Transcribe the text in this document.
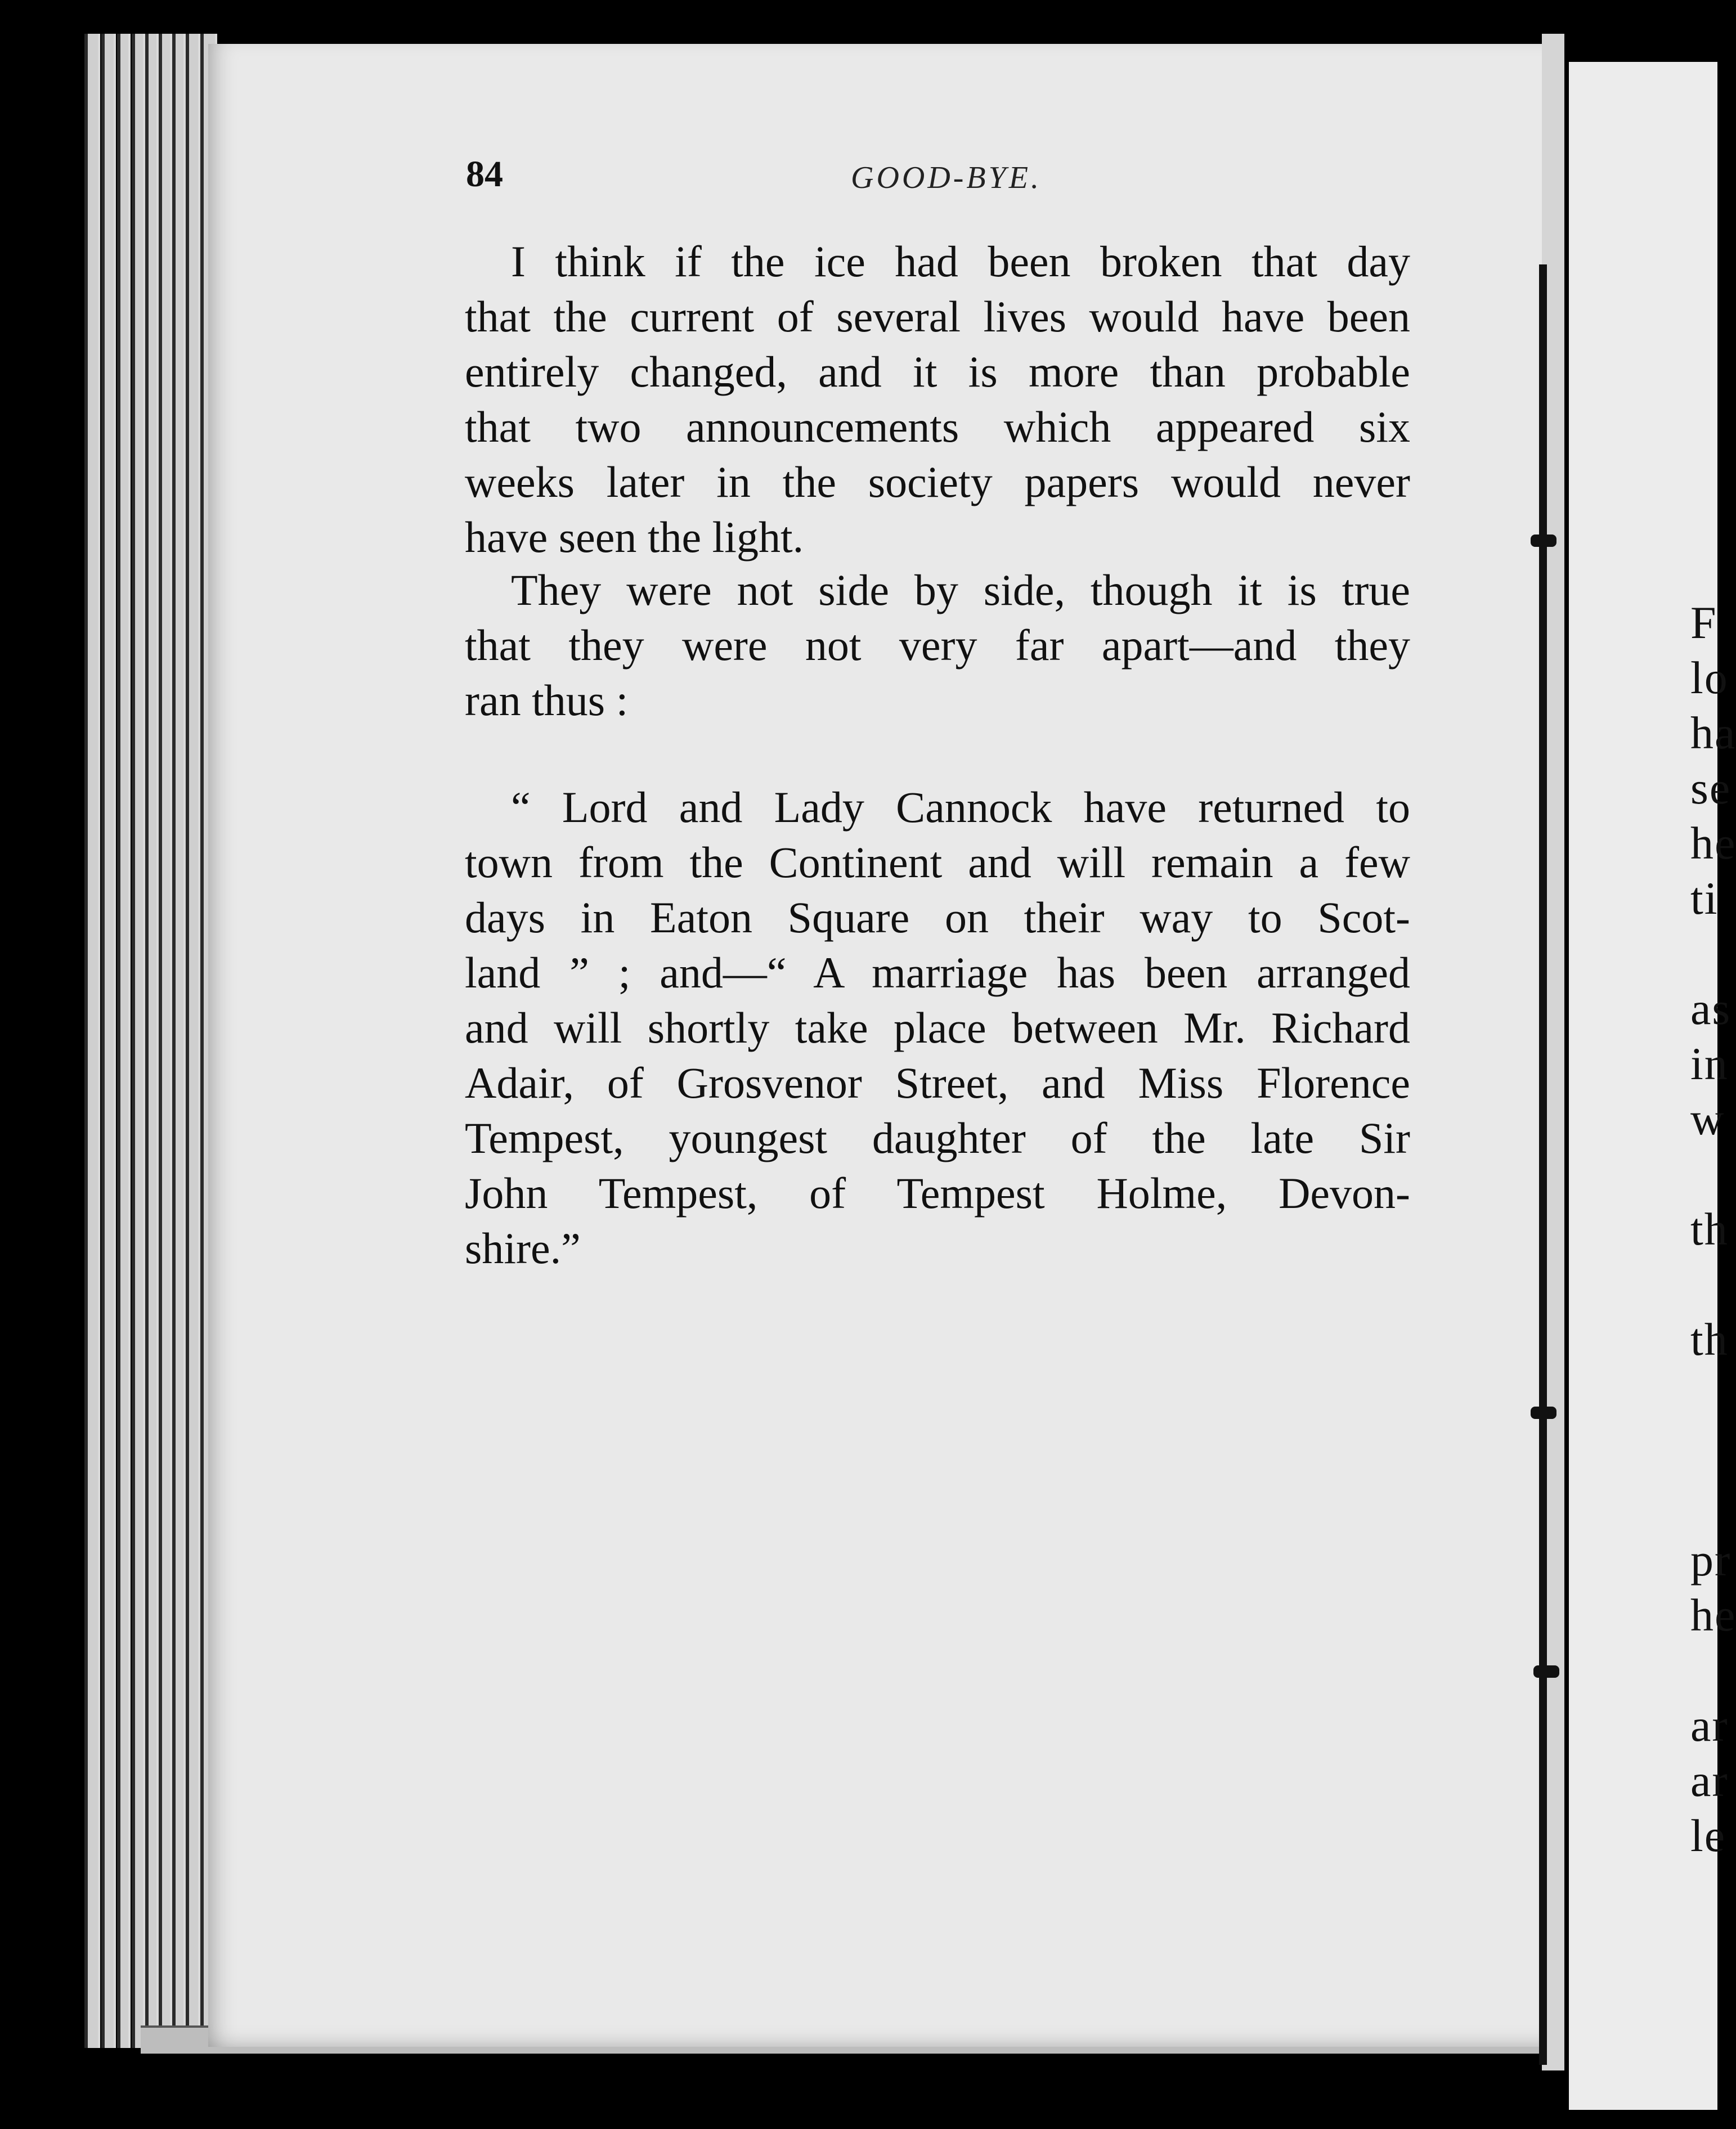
F
lo
ha
se
he
ti
as
in
w
th
th
pr
he
ar
ar
le
84	GOOD-BYE.
I think if the ice had been broken that day
that the current of several lives would have been
entirely changed, and it is more than probable
that two announcements which appeared six
weeks later in the society papers would never
have seen the light.
They were not side by side, though it is true
that they were not very far apart—and they
ran thus :
“ Lord and Lady Cannock have returned to
town from the Continent and will remain a few
days in Eaton Square on their way to Scot-
land ” ; and—“ A marriage has been arranged
and will shortly take place between Mr. Richard
Adair, of Grosvenor Street, and Miss Florence
Tempest, youngest daughter of the late Sir
John Tempest, of Tempest Holme, Devon-
shire.”
